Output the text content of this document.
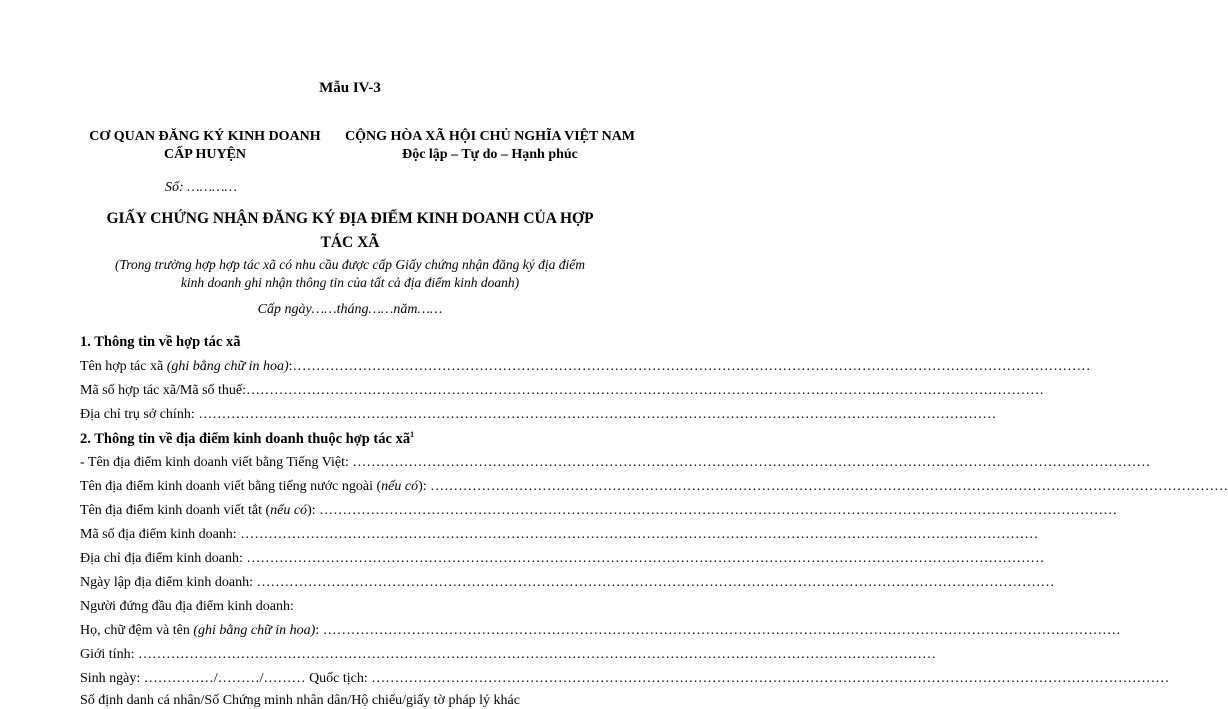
Mẫu IV-3
CƠ QUAN ĐĂNG KÝ KINH DOANH
CẤP HUYỆN
CỘNG HÒA XÃ HỘI CHỦ NGHĨA VIỆT NAM
Độc lập – Tự do – Hạnh phúc
Số: …………
GIẤY CHỨNG NHẬN ĐĂNG KÝ ĐỊA ĐIỂM KINH DOANH CỦA HỢP
TÁC XÃ
(Trong trường hợp hợp tác xã có nhu cầu được cấp Giấy chứng nhận đăng ký địa điểm
kinh doanh ghi nhận thông tin của tất cả địa điểm kinh doanh)
Cấp ngày……tháng……năm……
1. Thông tin về hợp tác xã
Tên hợp tác xã (ghi bằng chữ in hoa):………………………………………………………………………………………………………………………………………………………
Mã số hợp tác xã/Mã số thuế:………………………………………………………………………………………………………………………………………………………
Địa chỉ trụ sở chính: ………………………………………………………………………………………………………………………………………………………
2. Thông tin về địa điểm kinh doanh thuộc hợp tác $xã^1$
- Tên địa điểm kinh doanh viết bằng Tiếng Việt: ………………………………………………………………………………………………………………………………………………………
Tên địa điểm kinh doanh viết bằng tiếng nước ngoài (nếu có): ………………………………………………………………………………………………………………………………………………………
Tên địa điểm kinh doanh viết tắt (nếu có): ………………………………………………………………………………………………………………………………………………………
Mã số địa điểm kinh doanh: ………………………………………………………………………………………………………………………………………………………
Địa chỉ địa điểm kinh doanh: ………………………………………………………………………………………………………………………………………………………
Ngày lập địa điểm kinh doanh: ………………………………………………………………………………………………………………………………………………………
Người đứng đầu địa điểm kinh doanh:
Họ, chữ đệm và tên (ghi bằng chữ in hoa): ………………………………………………………………………………………………………………………………………………………
Giới tính: ………………………………………………………………………………………………………………………………………………………
Sinh ngày: ……………/………/……… Quốc tịch: ………………………………………………………………………………………………………………………………………………………
Số định danh cá nhân/Số Chứng minh nhân dân/Hộ chiếu/giấy tờ pháp lý khác
